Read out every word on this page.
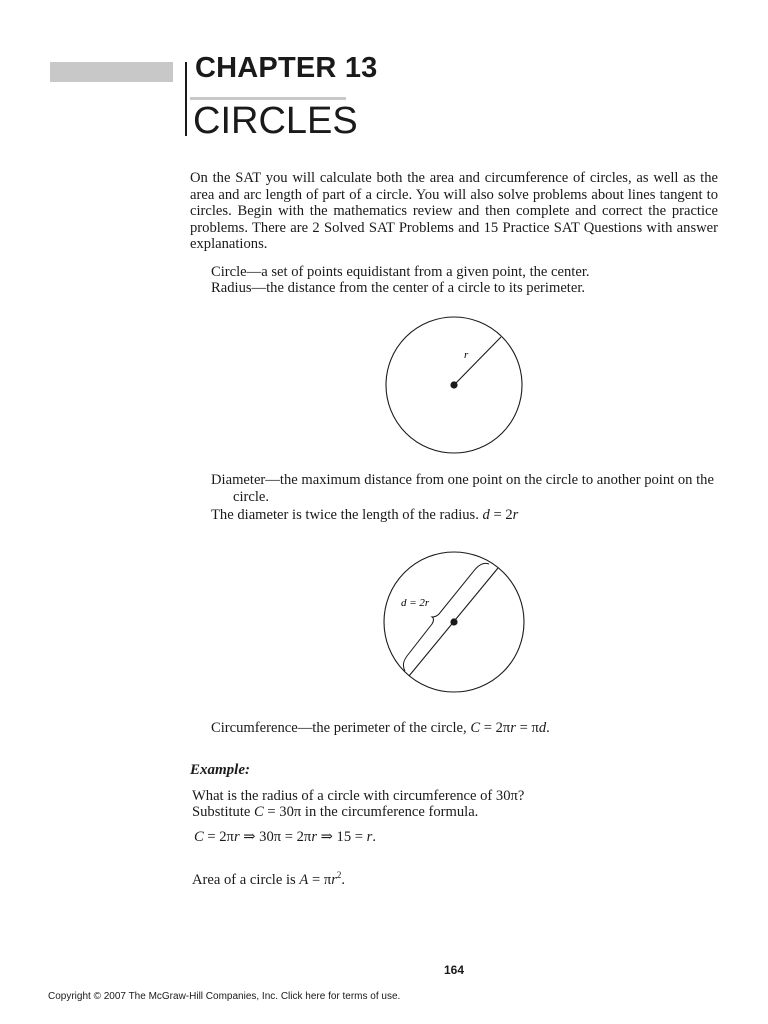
CHAPTER 13
CIRCLES

On the SAT you will calculate both the area and circumference of circles, as well as the area and arc length of part of a circle. You will also solve problems about lines tangent to circles. Begin with the mathematics review and then complete and correct the practice problems. There are 2 Solved SAT Problems and 15 Practice SAT Questions with answer explanations.

Circle—a set of points equidistant from a given point, the center.

Radius—the distance from the center of a circle to its perimeter.

r

Diameter—the maximum distance from one point on the circle to another point on the circle.

The diameter is twice the length of the radius. d = 2r

d = 2r

Circumference—the perimeter of the circle, C = 2πr = πd.

Example:

What is the radius of a circle with circumference of 30π?

Substitute C = 30π in the circumference formula.

C = 2πr ⇒ 30π = 2πr ⇒ 15 = r.

Area of a circle is $A = \pi r^2$.

164

Copyright © 2007 The McGraw-Hill Companies, Inc. Click here for terms of use.
